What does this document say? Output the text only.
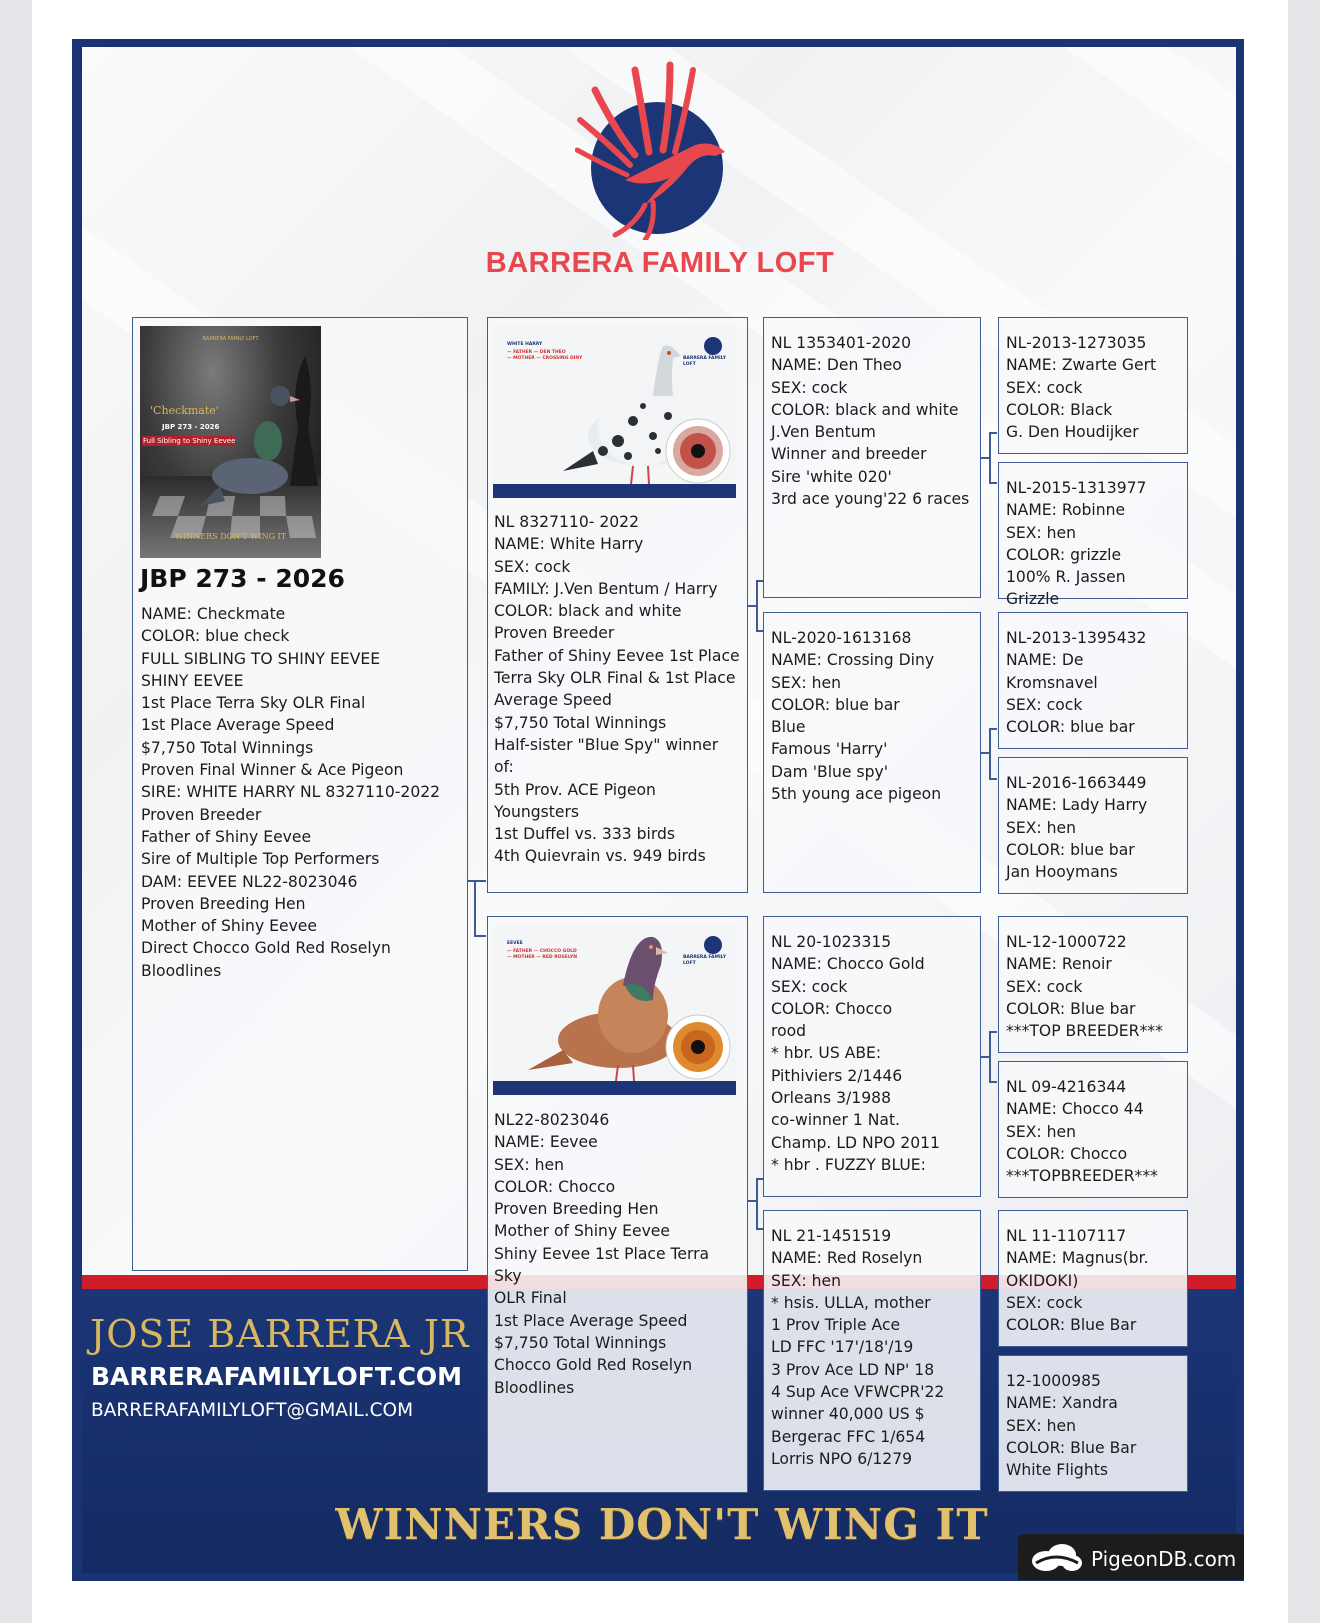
BARRERA FAMILY LOFT
BARRERA FAMILY LOFT
'Checkmate'
JBP 273 - 2026
Full Sibling to Shiny Eevee
WINNERS DON'T WING IT
JBP 273 - 2026
NAME: Checkmate
COLOR: blue check
FULL SIBLING TO SHINY EEVEE
SHINY EEVEE
1st Place Terra Sky OLR Final
1st Place Average Speed
$7,750 Total Winnings
Proven Final Winner & Ace Pigeon
SIRE: WHITE HARRY NL 8327110-2022
Proven Breeder
Father of Shiny Eevee
Sire of Multiple Top Performers
DAM: EEVEE NL22-8023046
Proven Breeding Hen
Mother of Shiny Eevee
Direct Chocco Gold Red Roselyn
Bloodlines
WHITE HARRY
— FATHER — DEN THEO
— MOTHER — CROSSING DINY	BARRERA FAMILY LOFT
NL 8327110- 2022
NAME: White Harry
SEX: cock
FAMILY: J.Ven Bentum / Harry
COLOR: black and white
Proven Breeder
Father of Shiny Eevee 1st Place
Terra Sky OLR Final & 1st Place
Average Speed
$7,750 Total Winnings
Half-sister "Blue Spy" winner
of:
5th Prov. ACE Pigeon
Youngsters
1st Duffel vs. 333 birds
4th Quievrain vs. 949 birds
EEVEE
— FATHER — CHOCCO GOLD
— MOTHER — RED ROSELYN	BARRERA FAMILY LOFT
NL22-8023046
NAME: Eevee
SEX: hen
COLOR: Chocco
Proven Breeding Hen
Mother of Shiny Eevee
Shiny Eevee 1st Place Terra Sky
OLR Final
1st Place Average Speed
$7,750 Total Winnings
Chocco Gold Red Roselyn
Bloodlines
NL 1353401-2020
NAME: Den Theo
SEX: cock
COLOR: black and white
J.Ven Bentum
Winner and breeder
Sire 'white 020'
3rd ace young'22 6 races
NL-2020-1613168
NAME: Crossing Diny
SEX: hen
COLOR: blue bar
Blue
Famous 'Harry'
Dam 'Blue spy'
5th young ace pigeon
NL 20-1023315
NAME: Chocco Gold
SEX: cock
COLOR: Chocco
rood
* hbr. US ABE:
Pithiviers 2/1446
Orleans 3/1988
co-winner 1 Nat.
Champ. LD NPO 2011
* hbr . FUZZY BLUE:
NL 21-1451519
NAME: Red Roselyn
SEX: hen
* hsis. ULLA, mother
1 Prov Triple Ace
LD FFC '17'/18'/19
3 Prov Ace LD NP' 18
4 Sup Ace VFWCPR'22
winner 40,000 US $
Bergerac FFC 1/654
Lorris NPO 6/1279
NL-2013-1273035
NAME: Zwarte Gert
SEX: cock
COLOR: Black
G. Den Houdijker
NL-2015-1313977
NAME: Robinne
SEX: hen
COLOR: grizzle
100% R. Jassen Grizzle
NL-2013-1395432
NAME: De
Kromsnavel
SEX: cock
COLOR: blue bar
NL-2016-1663449
NAME: Lady Harry
SEX: hen
COLOR: blue bar
Jan Hooymans
NL-12-1000722
NAME: Renoir
SEX: cock
COLOR: Blue bar
***TOP BREEDER***
NL 09-4216344
NAME: Chocco 44
SEX: hen
COLOR: Chocco
***TOPBREEDER***
NL 11-1107117
NAME: Magnus(br.
OKIDOKI)
SEX: cock
COLOR: Blue Bar
12-1000985
NAME: Xandra
SEX: hen
COLOR: Blue Bar
White Flights
JOSE BARRERA JR
BARRERAFAMILYLOFT.COM
BARRERAFAMILYLOFT@GMAIL.COM
WINNERS DON'T WING IT
PigeonDB.com
